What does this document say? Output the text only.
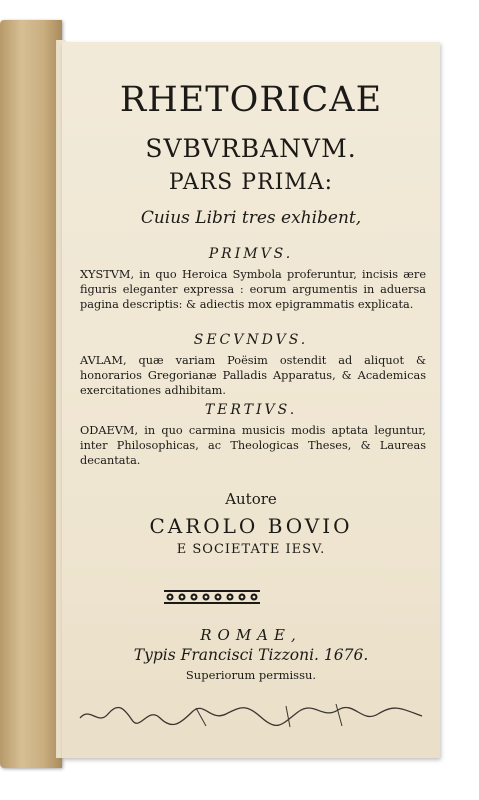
RHETORICAE
SVBVRBANVM.
PARS PRIMA:
Cuius Libri tres exhibent,
PRIMVS.
XYSTVM, in quo Heroica Symbola proferuntur, incisis ære figuris eleganter expressa : eorum argumentis in aduersa pagina descriptis: & adiectis mox epigrammatis explicata.
SECVNDVS.
AVLAM, quæ variam Poësim ostendit ad aliquot & honorarios Gregorianæ Palladis Apparatus, & Academicas exercitationes adhibitam.
TERTIVS.
ODAEVM, in quo carmina musicis modis aptata leguntur, inter Philosophicas, ac Theologicas Theses, & Laureas decantata.
Autore
CAROLO BOVIO
E SOCIETATE IESV.
ROMAE,
Typis Francisci Tizzoni. 1676.
Superiorum permissu.
